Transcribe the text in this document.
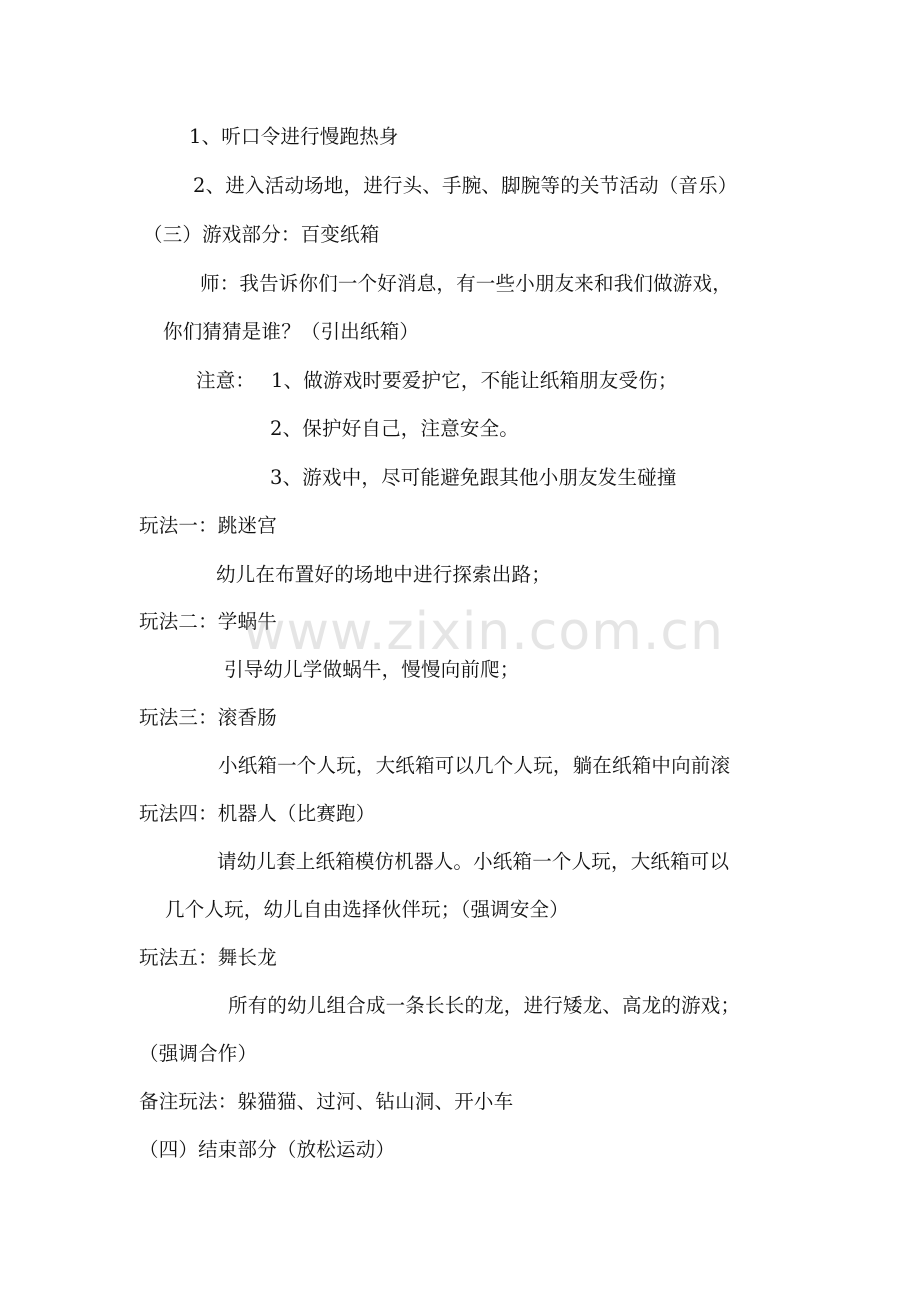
1、听口令进行慢跑热身
2、进入活动场地，进行头、手腕、脚腕等的关节活动（音乐）
（三）游戏部分：百变纸箱
师：我告诉你们一个好消息，有一些小朋友来和我们做游戏，
你们猜猜是谁？（引出纸箱）
注意： 1、做游戏时要爱护它，不能让纸箱朋友受伤；
2、保护好自己，注意安全。
3、游戏中，尽可能避免跟其他小朋友发生碰撞
玩法一：跳迷宫
幼儿在布置好的场地中进行探索出路；
玩法二：学蜗牛
引导幼儿学做蜗牛，慢慢向前爬；
玩法三：滚香肠
小纸箱一个人玩，大纸箱可以几个人玩，躺在纸箱中向前滚
玩法四：机器人（比赛跑）
请幼儿套上纸箱模仿机器人。小纸箱一个人玩，大纸箱可以
几个人玩，幼儿自由选择伙伴玩；（强调安全）
玩法五：舞长龙
所有的幼儿组合成一条长长的龙，进行矮龙、高龙的游戏；
（强调合作）
备注玩法：躲猫猫、过河、钻山洞、开小车
（四）结束部分（放松运动）
www.zixin.com.cn
